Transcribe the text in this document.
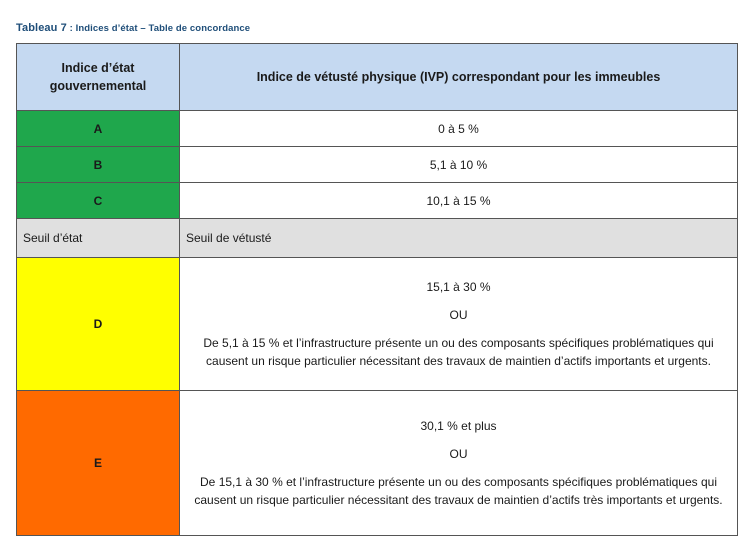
Tableau 7 : Indices d’état – Table de concordance
Indice d’état gouvernemental	Indice de vétusté physique (IVP) correspondant pour les immeubles
A	0 à 5 %
B	5,1 à 10 %
C	10,1 à 15 %
Seuil d’état	Seuil de vétusté
D	15,1 à 30 %

OU

De 5,1 à 15 % et l’infrastructure présente un ou des composants spécifiques problématiques qui causent un risque particulier nécessitant des travaux de maintien d’actifs importants et urgents.

E	30,1 % et plus

OU

De 15,1 à 30 % et l’infrastructure présente un ou des composants spécifiques problématiques qui causent un risque particulier nécessitant des travaux de maintien d’actifs très importants et urgents.
